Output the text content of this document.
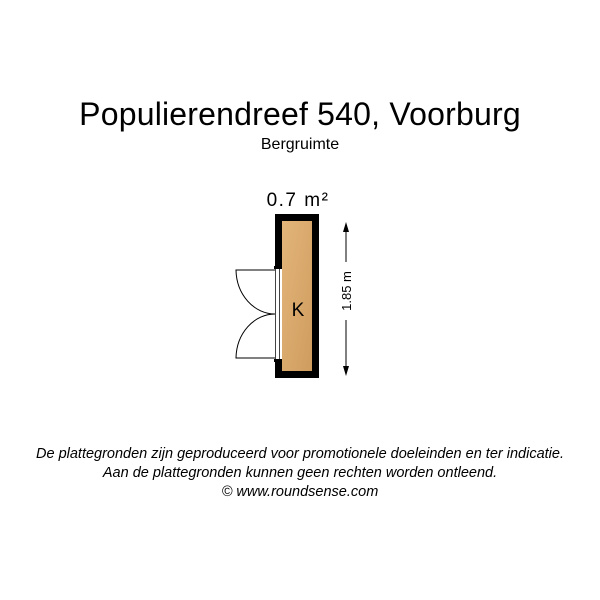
Populierendreef 540, Voorburg
Bergruimte
0.7 m²
K	1.85 m
De plattegronden zijn geproduceerd voor promotionele doeleinden en ter indicatie.
Aan de plattegronden kunnen geen rechten worden ontleend.
© www.roundsense.com
